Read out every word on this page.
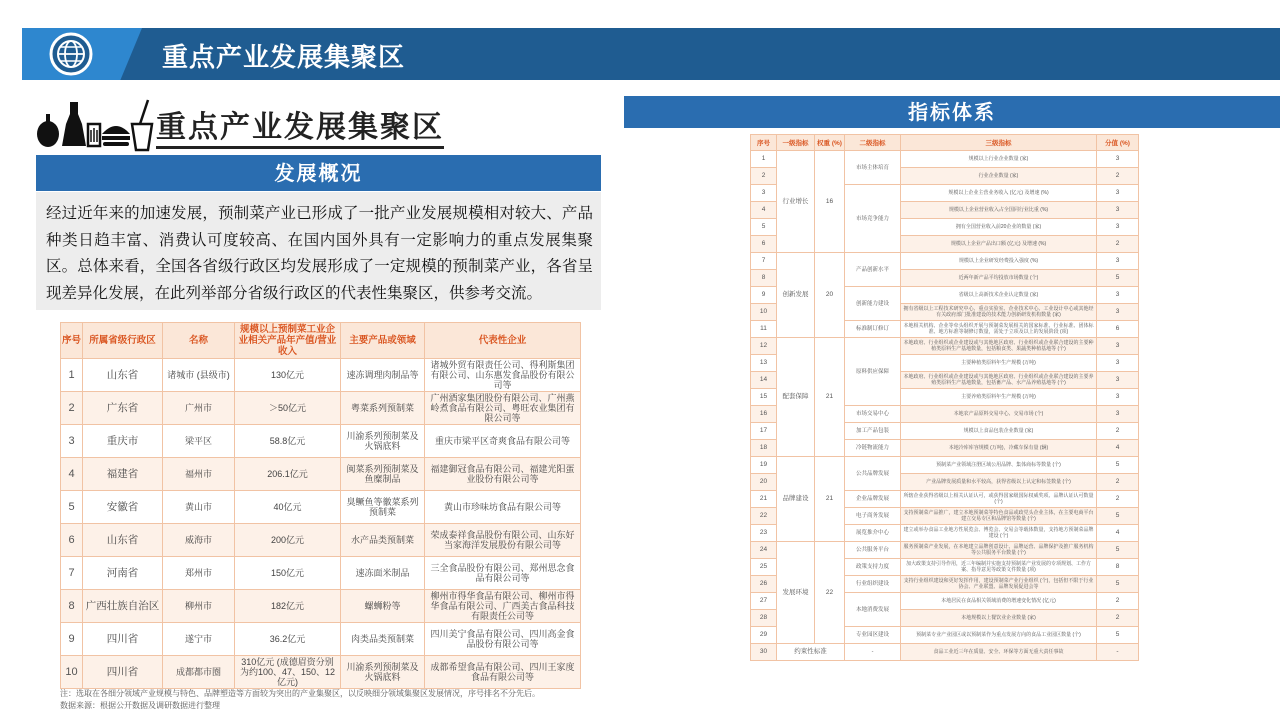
重点产业发展集聚区
重点产业发展集聚区
发展概况
经过近年来的加速发展，预制菜产业已形成了一批产业发展规模相对较大、产品种类日趋丰富、消费认可度较高、在国内国外具有一定影响力的重点发展集聚区。总体来看，全国各省级行政区均发展形成了一定规模的预制菜产业，各省呈现差异化发展，在此列举部分省级行政区的代表性集聚区，供参考交流。
序号	所属省级行政区	名称	规模以上预制菜工业企业相关产品年产值/营业收入	主要产品或领域	代表性企业
1	山东省	诸城市 (县级市)	130亿元	速冻调理肉制品等	诸城外贸有限责任公司、得利斯集团有限公司、山东惠发食品股份有限公司等
2	广东省	广州市	＞50亿元	粤菜系列预制菜	广州酒家集团股份有限公司、广州燕岭煮食品有限公司、粤旺农业集团有限公司等
3	重庆市	梁平区	58.8亿元	川渝系列预制菜及火锅底料	重庆市梁平区奇爽食品有限公司等
4	福建省	福州市	206.1亿元	闽菜系列预制菜及鱼糜制品	福建御冠食品有限公司、福建光阳蛋业股份有限公司等
5	安徽省	黄山市	40亿元	臭鳜鱼等徽菜系列预制菜	黄山市珍味坊食品有限公司等
6	山东省	威海市	200亿元	水产品类预制菜	荣成泰祥食品股份有限公司、山东好当家海洋发展股份有限公司等
7	河南省	郑州市	150亿元	速冻面米制品	三全食品股份有限公司、郑州思念食品有限公司等
8	广西壮族自治区	柳州市	182亿元	螺蛳粉等	柳州市得华食品有限公司、柳州市得华食品有限公司、广西美古食品科技有限责任公司等
9	四川省	遂宁市	36.2亿元	肉类品类预制菜	四川美宁食品有限公司、四川高金食品股份有限公司等
10	四川省	成都都市圈	310亿元 (成德眉资分别为约100、47、150、12亿元)	川渝系列预制菜及火锅底料	成都希望食品有限公司、四川王家度食品有限公司等
注：选取在各细分领域产业规模与特色、品牌塑造等方面较为突出的产业集聚区，以反映细分领域集聚区发展情况，序号排名不分先后。
数据来源：根据公开数据及调研数据进行整理
指标体系
序号	一级指标	权重 (%)	二级指标	三级指标	分值 (%)
1	行业增长	16	市场主体培育	规模以上行业企业数量 (家)	3
2				行业企业数量 (家)	2
3			市场竞争能力	规模以上企业主营业务收入 (亿元) 及增速 (%)	3
4				规模以上企业营业收入占全国同行业比重 (%)	3
5				拥有全国营业收入前20企业的数量 (家)	3
6				规模以上企业产品出口额 (亿元) 及增速 (%)	2
7	创新发展	20	产品创新水平	规模以上企业研发经费投入强度 (%)	3
8				近两年新产品平均投放市场数量 (个)	5
9			创新能力建设	省级以上高新技术企业认定数量 (家)	3
10				拥有省级以上工程技术研究中心、重点实验室、企业技术中心、工业设计中心或其他经有关政府部门批准建设的技术能力创新研发机构数量 (家)	3
11			标准制订修订	本地相关机构、企业等牵头组织开展与预制菜发展相关的国家标准、行业标准、团体标准、地方标准等制修订数量，需处于立项及以上的发展阶段 (项)	6
12	配套保障	21	原料供应保障	本地政府、行业组织或企业建设或与其他地区政府、行业组织或企业联合建设的主要种植类原料生产基地数量，包括粮食类、果蔬类种植基地等 (个)	3
13				主要种植类原料年生产规模 (万吨)	3
14				本地政府、行业组织或企业建设或与其他地区政府、行业组织或企业联合建设的主要养殖类原料生产基地数量，包括畜产品、水产品养殖基地等 (个)	3
15				主要养殖类原料年生产规模 (万吨)	3
16			市场交易中心	本地农产品原料交易中心、交易市场 (个)	3
17			加工产品包装	规模以上食品包装企业数量 (家)	2
18			冷链物流能力	本地冷库库容规模 (万吨)，冷藏车保有量 (辆)	4
19	品牌建设	21	公共品牌发展	预制菜产业领域注册区域公用品牌、集体商标等数量 (个)	5
20				产业品牌发展质量和水平较高，获得省级以上认定和标签数量 (个)	2
21			企业品牌发展	所辖企业获得省级以上相关认证认可，或获得国家级国际权威奖项、品牌认证认可数量 (个)	2
22			电子商务发展	支持预制菜产品推广，建立本地预制菜等特色食品或政党头企业主体，在主要电商平台建立交易专区和品牌馆等数量 (个)	5
23			展览推介中心	建立或举办食品工业地方性展览会、博览会、交易会等载体数量，支持地方预制菜品牌建设 (个)	4
24	发展环境	22	公共服务平台	服务预制菜产业发展，在本地建立品牌创意设计、品牌运营、品牌保护及推广服务机构等公共服务平台数量 (个)	5
25			政策支持力度	加大政策支持引导作用，近三年编制并实施支持预制菜产业发展的专项规划、工作方案、指导意见等政策文件数量 (项)	8
26			行业组织建设	支持行业组织建设和更好发挥作用，建设预制菜产业行业组织 (个)，包括但不限于行业协会、产业联盟、品牌发展促进会等	5
27			本地消费发展	本地居民在食品相关领域消费的增速变化情况 (亿元)	2
28				本地规模以上餐饮业企业数量 (家)	2
29			专业园区建设	预制菜专业产业园区或以预制菜作为重点发展方向的食品工业园区数量 (个)	5
30	约束性标准		-	食品工业近三年在质量、安全、环保等方面无重大责任事故	-
